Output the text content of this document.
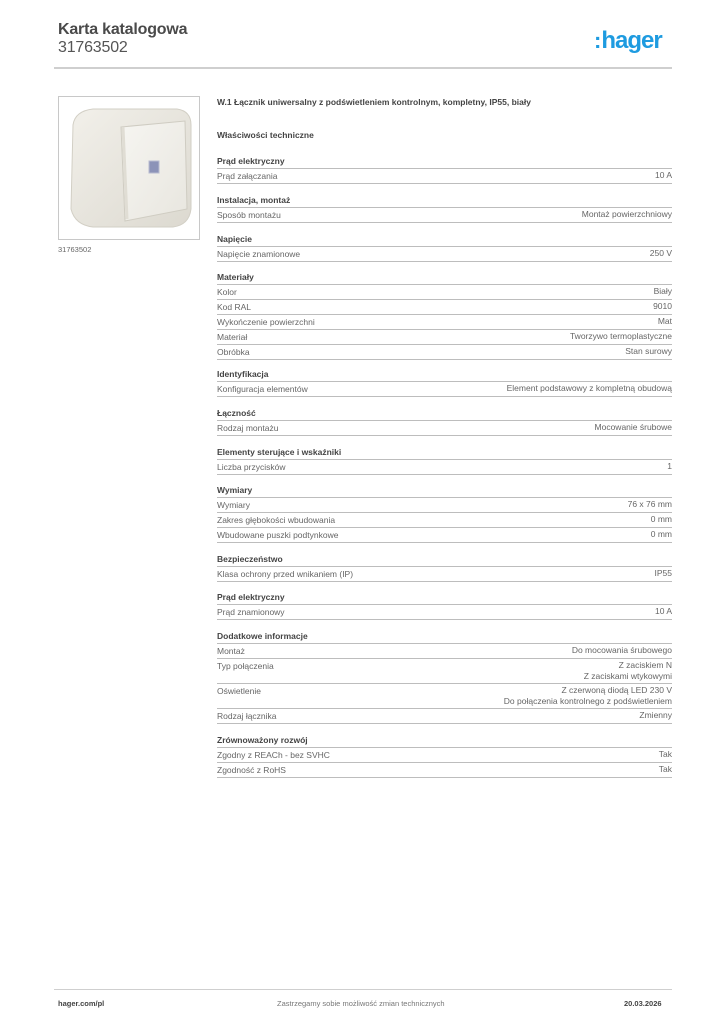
Karta katalogowa
31763502	:hager
31763502
W.1 Łącznik uniwersalny z podświetleniem kontrolnym, kompletny, IP55, biały
Właściwości techniczne
Prąd elektryczny
Prąd załączania	10 A
Instalacja, montaż
Sposób montażu	Montaż powierzchniowy
Napięcie
Napięcie znamionowe	250 V
Materiały
Kolor	Biały
Kod RAL	9010
Wykończenie powierzchni	Mat
Materiał	Tworzywo termoplastyczne
Obróbka	Stan surowy
Identyfikacja
Konfiguracja elementów	Element podstawowy z kompletną obudową
Łączność
Rodzaj montażu	Mocowanie śrubowe
Elementy sterujące i wskaźniki
Liczba przycisków	1
Wymiary
Wymiary	76 x 76 mm
Zakres głębokości wbudowania	0 mm
Wbudowane puszki podtynkowe	0 mm
Bezpieczeństwo
Klasa ochrony przed wnikaniem (IP)	IP55
Prąd elektryczny
Prąd znamionowy	10 A
Dodatkowe informacje
Montaż	Do mocowania śrubowego
Typ połączenia	Z zaciskiem N
Z zaciskami wtykowymi
Oświetlenie	Z czerwoną diodą LED 230 V
Do połączenia kontrolnego z podświetleniem
Rodzaj łącznika	Zmienny
Zrównoważony rozwój
Zgodny z REACh - bez SVHC	Tak
Zgodność z RoHS	Tak
hager.com/pl	Zastrzegamy sobie możliwość zmian technicznych	20.03.2026
